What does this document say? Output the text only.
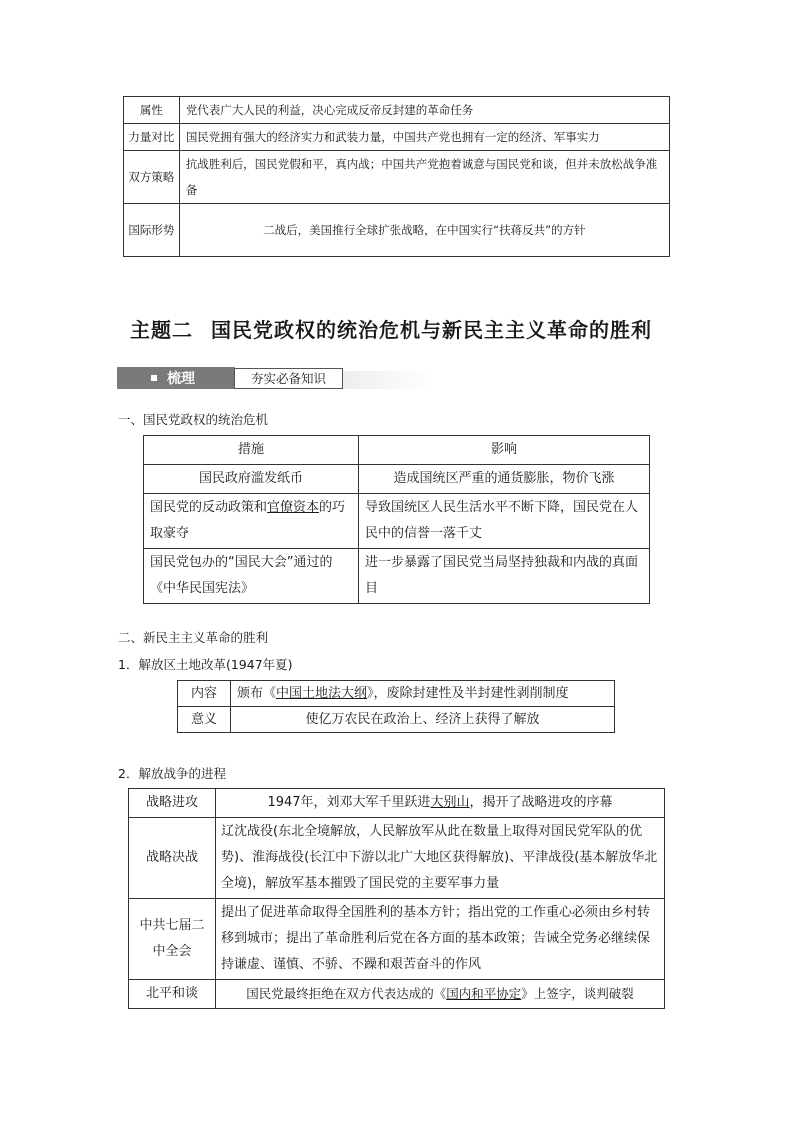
属性	党代表广大人民的利益，决心完成反帝反封建的革命任务
力量对比	国民党拥有强大的经济实力和武装力量，中国共产党也拥有一定的经济、军事实力
双方策略	抗战胜利后，国民党假和平，真内战；中国共产党抱着诚意与国民党和谈，但并未放松战争准备
国际形势	二战后，美国推行全球扩张战略，在中国实行“扶蒋反共”的方针
主题二 国民党政权的统治危机与新民主主义革命的胜利
梳理	夯实必备知识
一、国民党政权的统治危机
措施	影响
国民政府滥发纸币	造成国统区严重的通货膨胀，物价飞涨
国民党的反动政策和官僚资本的巧取豪夺	导致国统区人民生活水平不断下降，国民党在人民中的信誉一落千丈
国民党包办的“国民大会”通过的《中华民国宪法》	进一步暴露了国民党当局坚持独裁和内战的真面目
二、新民主主义革命的胜利
1．解放区土地改革(1947年夏)
内容	颁布《中国土地法大纲》，废除封建性及半封建性剥削制度
意义	使亿万农民在政治上、经济上获得了解放
2．解放战争的进程
战略进攻	1947年，刘邓大军千里跃进大别山，揭开了战略进攻的序幕
战略决战	辽沈战役(东北全境解放，人民解放军从此在数量上取得对国民党军队的优势)、淮海战役(长江中下游以北广大地区获得解放)、平津战役(基本解放华北全境)，解放军基本摧毁了国民党的主要军事力量
中共七届二中全会	提出了促进革命取得全国胜利的基本方针；指出党的工作重心必须由乡村转移到城市；提出了革命胜利后党在各方面的基本政策；告诫全党务必继续保持谦虚、谨慎、不骄、不躁和艰苦奋斗的作风
北平和谈	国民党最终拒绝在双方代表达成的《国内和平协定》上签字，谈判破裂
